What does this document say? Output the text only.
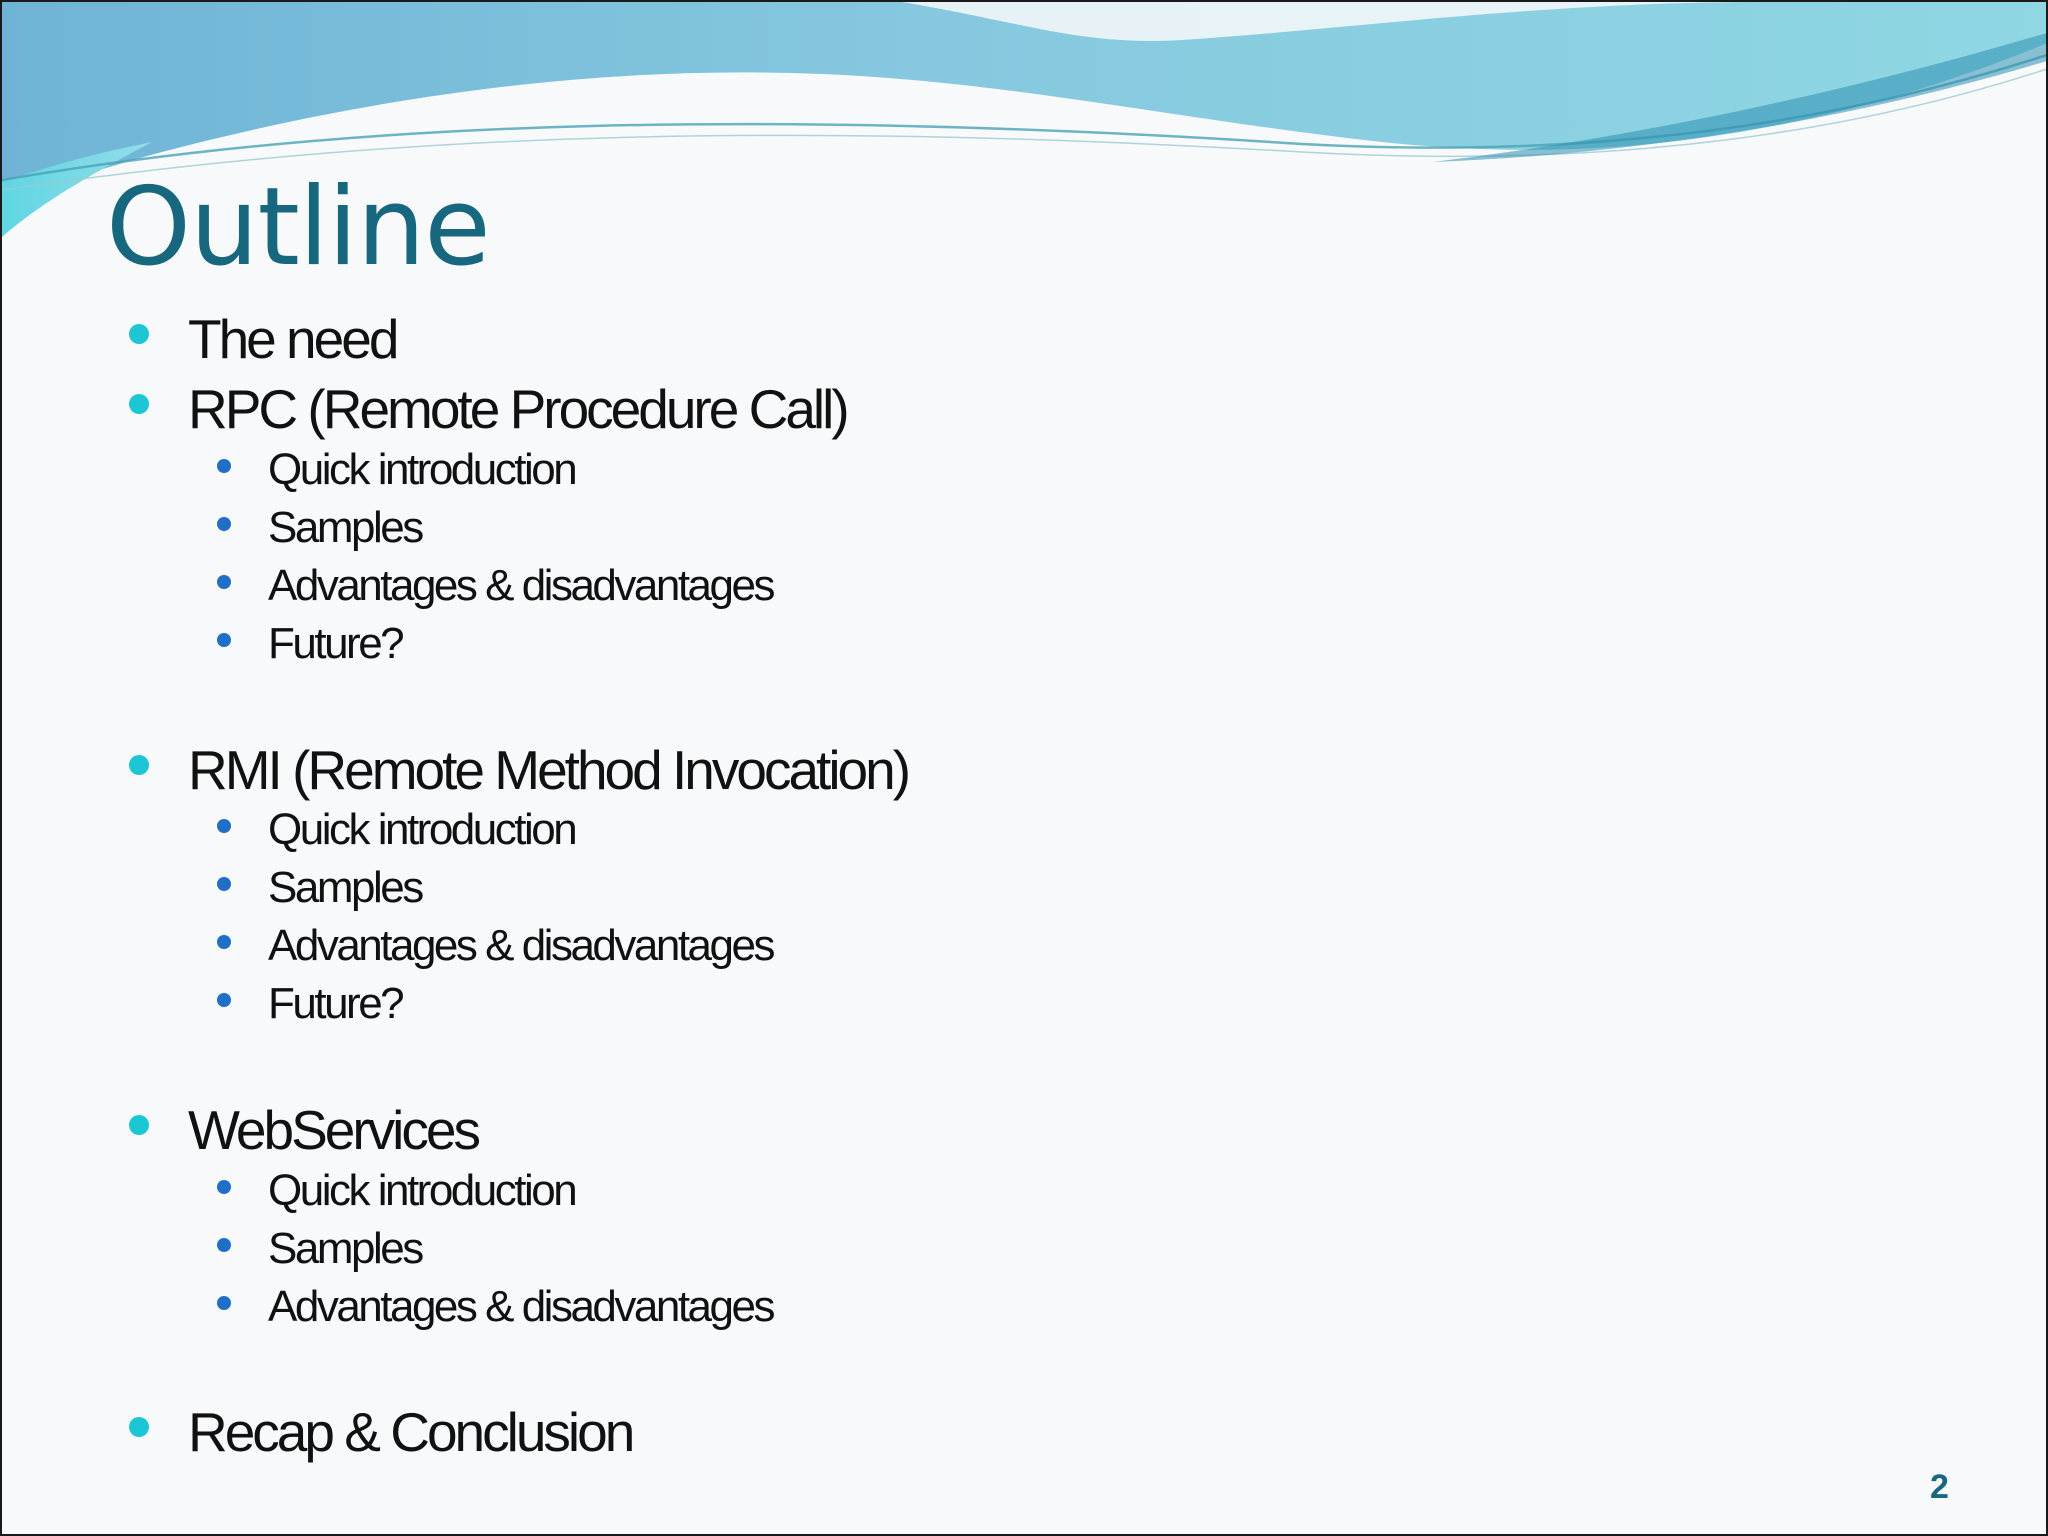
Outline
The need
RPC (Remote Procedure Call)
Quick introduction
Samples
Advantages & disadvantages
Future?
RMI (Remote Method Invocation)
Quick introduction
Samples
Advantages & disadvantages
Future?
WebServices
Quick introduction
Samples
Advantages & disadvantages
Recap & Conclusion
2
